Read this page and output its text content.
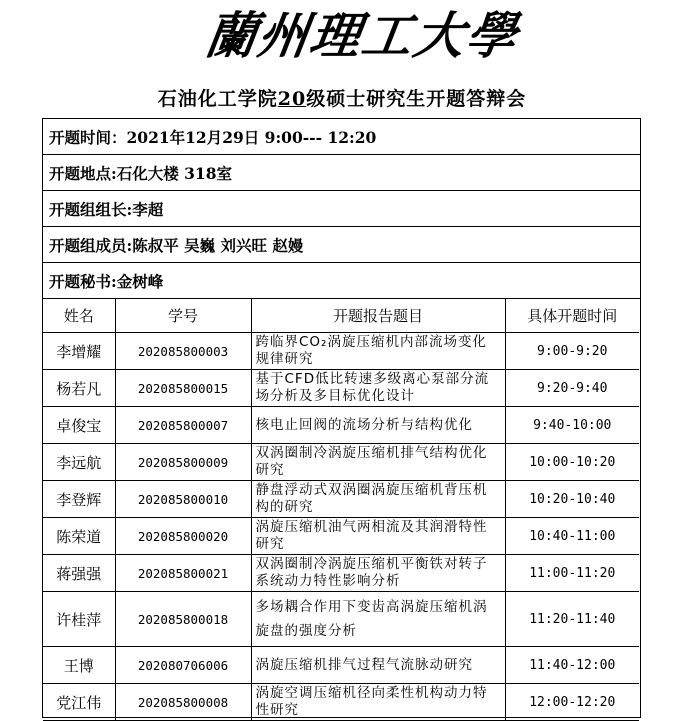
蘭州理工大學
石油化工学院20级硕士研究生开题答辩会
开题时间：2021年12月29日 9:00--- 12:20
开题地点:石化大楼 318室
开题组组长:李超
开题组成员:陈叔平 吴巍 刘兴旺 赵嫚
开题秘书:金树峰
姓名	学号	开题报告题目	具体开题时间
李增耀	202085800003	跨临界CO₂涡旋压缩机内部流场变化规律研究	9:00-9:20
杨若凡	202085800015	基于CFD低比转速多级离心泵部分流场分析及多目标优化设计	9:20-9:40
卓俊宝	202085800007	核电止回阀的流场分析与结构优化	9:40-10:00
李远航	202085800009	双涡圈制冷涡旋压缩机排气结构优化研究	10:00-10:20
李登辉	202085800010	静盘浮动式双涡圈涡旋压缩机背压机构的研究	10:20-10:40
陈荣道	202085800020	涡旋压缩机油气两相流及其润滑特性研究	10:40-11:00
蒋强强	202085800021	双涡圈制冷涡旋压缩机平衡铁对转子系统动力特性影响分析	11:00-11:20
许桂萍	202085800018	多场耦合作用下变齿高涡旋压缩机涡旋盘的强度分析	11:20-11:40
王博	202080706006	涡旋压缩机排气过程气流脉动研究	11:40-12:00
党江伟	202085800008	涡旋空调压缩机径向柔性机构动力特性研究	12:00-12:20
